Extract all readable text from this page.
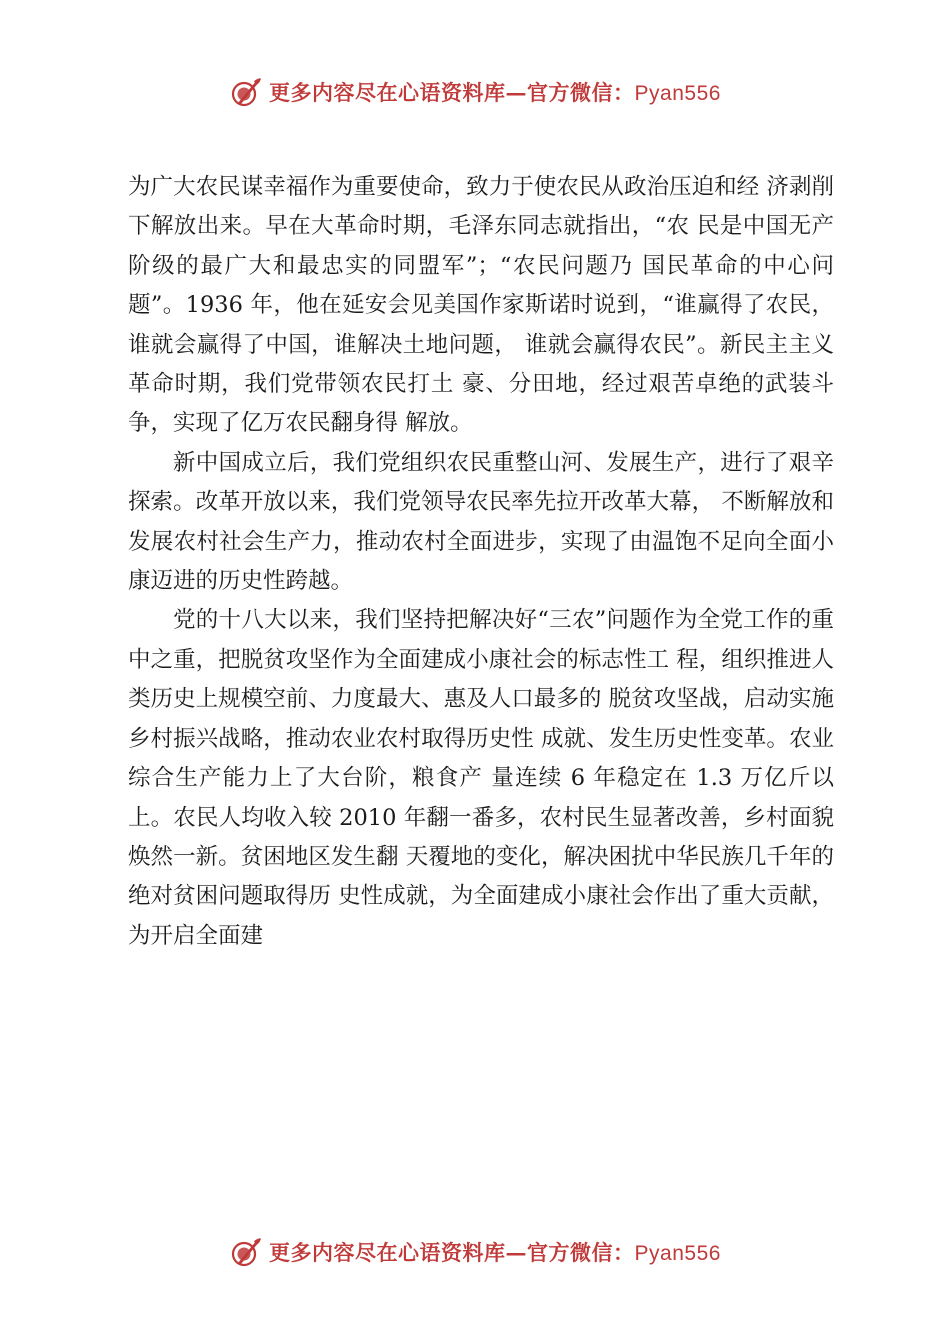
更多内容尽在心语资料库—官方微信：Pyan556

为广大农民谋幸福作为重要使命，致力于使农民从政治压迫和经 济剥削下解放出来。早在大革命时期，毛泽东同志就指出，“农 民是中国无产阶级的最广大和最忠实的同盟军”；“农民问题乃 国民革命的中心问题”。1936 年，他在延安会见美国作家斯诺时说到，“谁赢得了农民，谁就会赢得了中国，谁解决土地问题， 谁就会赢得农民”。新民主主义革命时期，我们党带领农民打土 豪、分田地，经过艰苦卓绝的武装斗争，实现了亿万农民翻身得 解放。

新中国成立后，我们党组织农民重整山河、发展生产，进行了艰辛探索。改革开放以来，我们党领导农民率先拉开改革大幕， 不断解放和发展农村社会生产力，推动农村全面进步，实现了由温饱不足向全面小康迈进的历史性跨越。

党的十八大以来，我们坚持把解决好“三农”问题作为全党工作的重中之重，把脱贫攻坚作为全面建成小康社会的标志性工 程，组织推进人类历史上规模空前、力度最大、惠及人口最多的 脱贫攻坚战，启动实施乡村振兴战略，推动农业农村取得历史性 成就、发生历史性变革。农业综合生产能力上了大台阶，粮食产 量连续 6 年稳定在 1.3 万亿斤以上。农民人均收入较 2010 年翻一番多，农村民生显著改善，乡村面貌焕然一新。贫困地区发生翻 天覆地的变化，解决困扰中华民族几千年的绝对贫困问题取得历 史性成就，为全面建成小康社会作出了重大贡献，为开启全面建

更多内容尽在心语资料库—官方微信：Pyan556
